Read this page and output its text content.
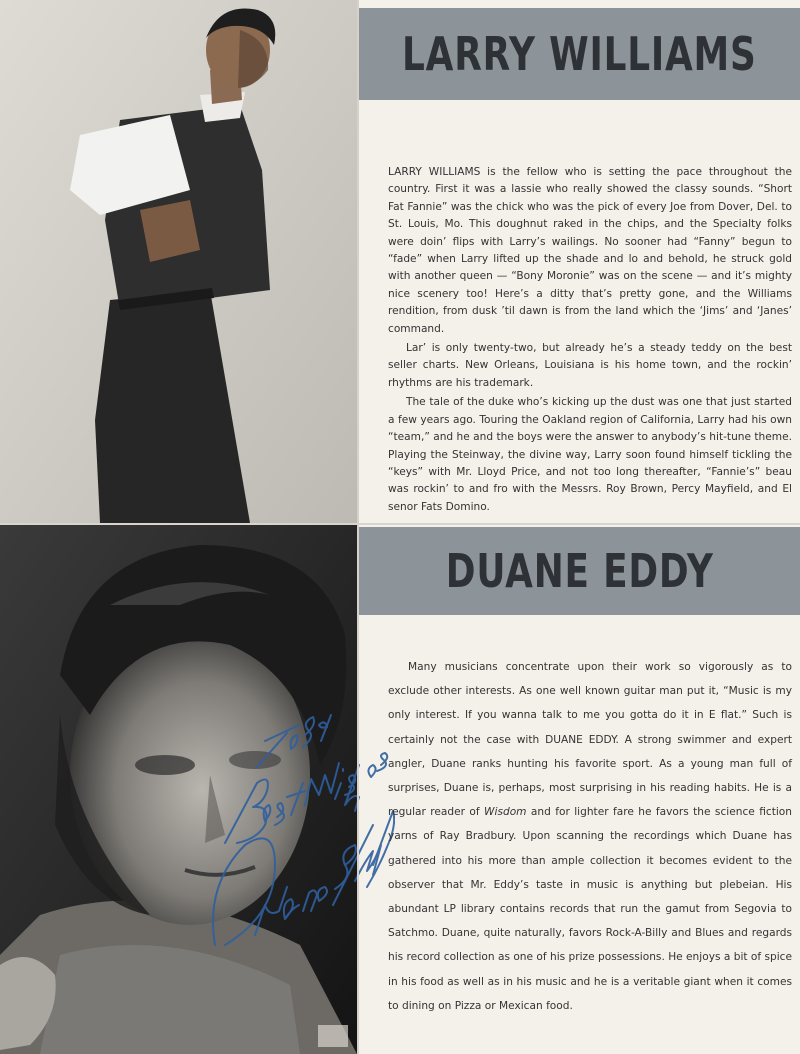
LARRY WILLIAMS

LARRY WILLIAMS is the fellow who is setting the pace throughout the country. First it was a lassie who really showed the classy sounds. “Short Fat Fannie” was the chick who was the pick of every Joe from Dover, Del. to St. Louis, Mo. This doughnut raked in the chips, and the Specialty folks were doin’ flips with Larry’s wailings. No sooner had “Fanny” begun to “fade” when Larry lifted up the shade and lo and behold, he struck gold with another queen — “Bony Moronie” was on the scene — and it’s mighty nice scenery too! Here’s a ditty that’s pretty gone, and the Williams rendition, from dusk ’til dawn is from the land which the ‘Jims’ and ‘Janes’ command.

Lar’ is only twenty-two, but already he’s a steady teddy on the best seller charts. New Orleans, Louisiana is his home town, and the rockin’ rhythms are his trademark.

The tale of the duke who’s kicking up the dust was one that just started a few years ago. Touring the Oakland region of California, Larry had his own “team,” and he and the boys were the answer to anybody’s hit-tune theme. Playing the Steinway, the divine way, Larry soon found himself tickling the “keys” with Mr. Lloyd Price, and not too long thereafter, “Fannie’s” beau was rockin’ to and fro with the Messrs. Roy Brown, Percy Mayfield, and El senor Fats Domino.

DUANE EDDY

Many musicians concentrate upon their work so vigorously as to exclude other interests. As one well known guitar man put it, “Music is my only interest. If you wanna talk to me you gotta do it in E flat.” Such is certainly not the case with DUANE EDDY. A strong swimmer and expert angler, Duane ranks hunting his favorite sport. As a young man full of surprises, Duane is, perhaps, most surprising in his reading habits. He is a regular reader of Wisdom and for lighter fare he favors the science fiction yarns of Ray Bradbury. Upon scanning the recordings which Duane has gathered into his more than ample collection it becomes evident to the observer that Mr. Eddy’s taste in music is anything but plebeian. His abundant LP library contains records that run the gamut from Segovia to Satchmo. Duane, quite naturally, favors Rock-A-Billy and Blues and regards his record collection as one of his prize possessions. He enjoys a bit of spice in his food as well as in his music and he is a veritable giant when it comes to dining on Pizza or Mexican food.
